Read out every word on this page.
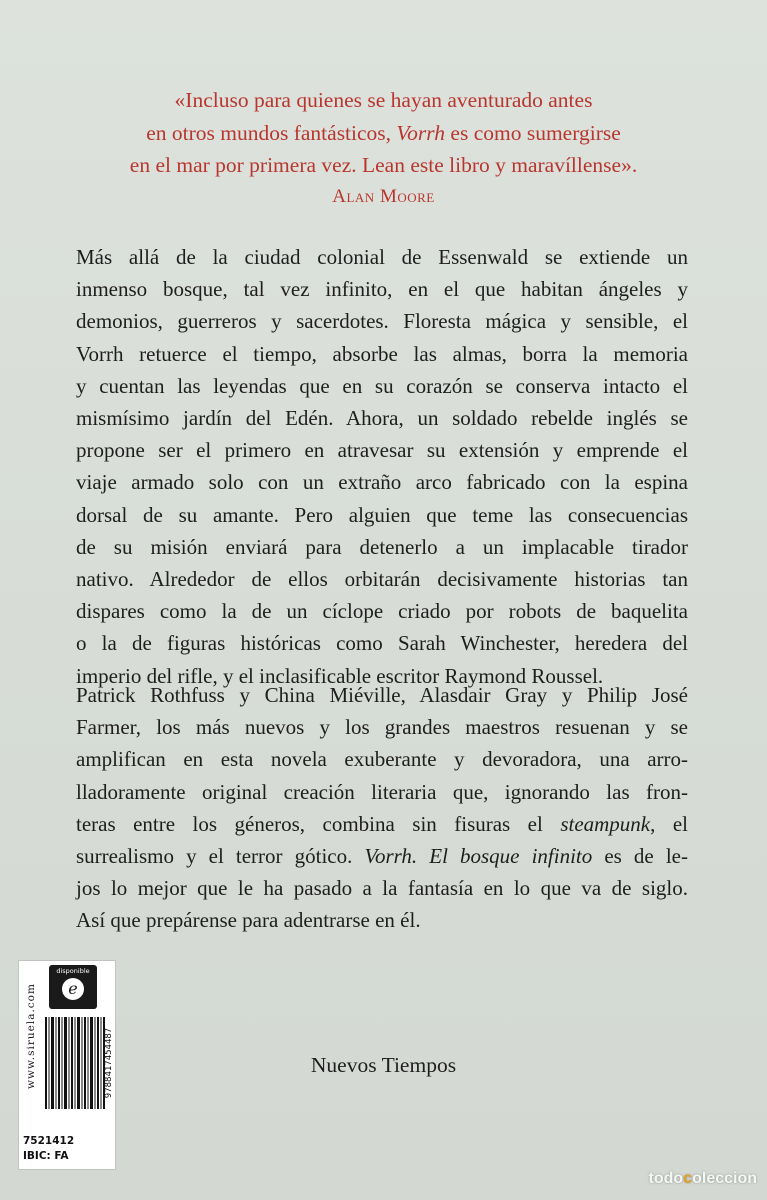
«Incluso para quienes se hayan aventurado antes
en otros mundos fantásticos, Vorrh es como sumergirse
en el mar por primera vez. Lean este libro y maravíllense».
Alan Moore
Más allá de la ciudad colonial de Essenwald se extiende un
inmenso bosque, tal vez infinito, en el que habitan ángeles y
demonios, guerreros y sacerdotes. Floresta mágica y sensible, el
Vorrh retuerce el tiempo, absorbe las almas, borra la memoria
y cuentan las leyendas que en su corazón se conserva intacto el
mismísimo jardín del Edén. Ahora, un soldado rebelde inglés se
propone ser el primero en atravesar su extensión y emprende el
viaje armado solo con un extraño arco fabricado con la espina
dorsal de su amante. Pero alguien que teme las consecuencias
de su misión enviará para detenerlo a un implacable tirador
nativo. Alrededor de ellos orbitarán decisivamente historias tan
dispares como la de un cíclope criado por robots de baquelita
o la de figuras históricas como Sarah Winchester, heredera del
imperio del rifle, y el inclasificable escritor Raymond Roussel.
Patrick Rothfuss y China Miéville, Alasdair Gray y Philip José
Farmer, los más nuevos y los grandes maestros resuenan y se
amplifican en esta novela exuberante y devoradora, una arro-
lladoramente original creación literaria que, ignorando las fron-
teras entre los géneros, combina sin fisuras el steampunk, el
surrealismo y el terror gótico. Vorrh. El bosque infinito es de le-
jos lo mejor que le ha pasado a la fantasía en lo que va de siglo.
Así que prepárense para adentrarse en él.
www.siruela.com
disponible
e
9788417454487
7521412
IBIC: FA
Nuevos Tiempos
todocoleccion
